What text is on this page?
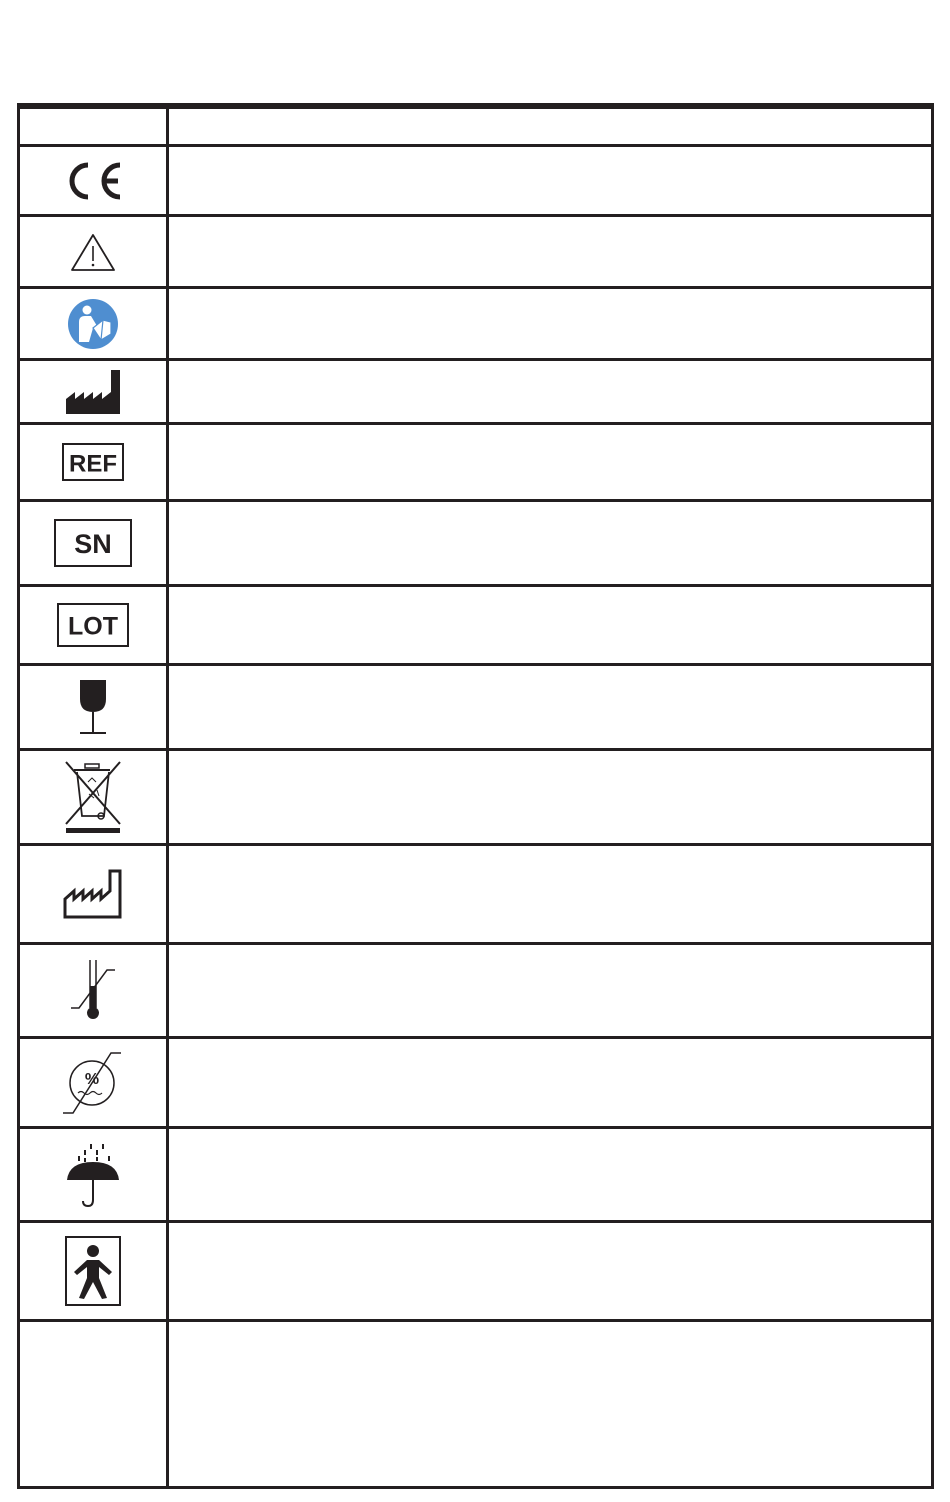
REF
SN
LOT
%
